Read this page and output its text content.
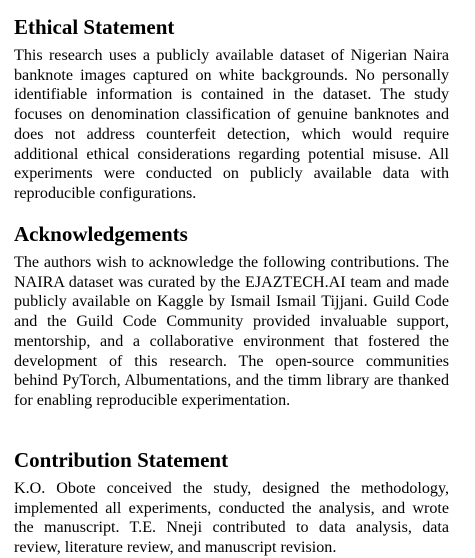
Ethical Statement

This research uses a publicly available dataset of Nigerian Naira banknote images captured on white backgrounds. No personally identifiable information is contained in the dataset. The study focuses on denomination classification of genuine banknotes and does not address counterfeit detection, which would require additional ethical considerations regarding potential misuse. All experiments were conducted on publicly available data with reproducible configurations.

Acknowledgements

The authors wish to acknowledge the following contributions. The NAIRA dataset was curated by the EJAZTECH.AI team and made publicly available on Kaggle by Ismail Ismail Tijjani. Guild Code and the Guild Code Community provided invaluable support, mentorship, and a collaborative environment that fostered the development of this research. The open-source communities behind PyTorch, Albumentations, and the timm library are thanked for enabling reproducible experimentation.

Contribution Statement

K.O. Obote conceived the study, designed the methodology, implemented all experiments, conducted the analysis, and wrote the manuscript. T.E. Nneji contributed to data analysis, data review, literature review, and manuscript revision.
